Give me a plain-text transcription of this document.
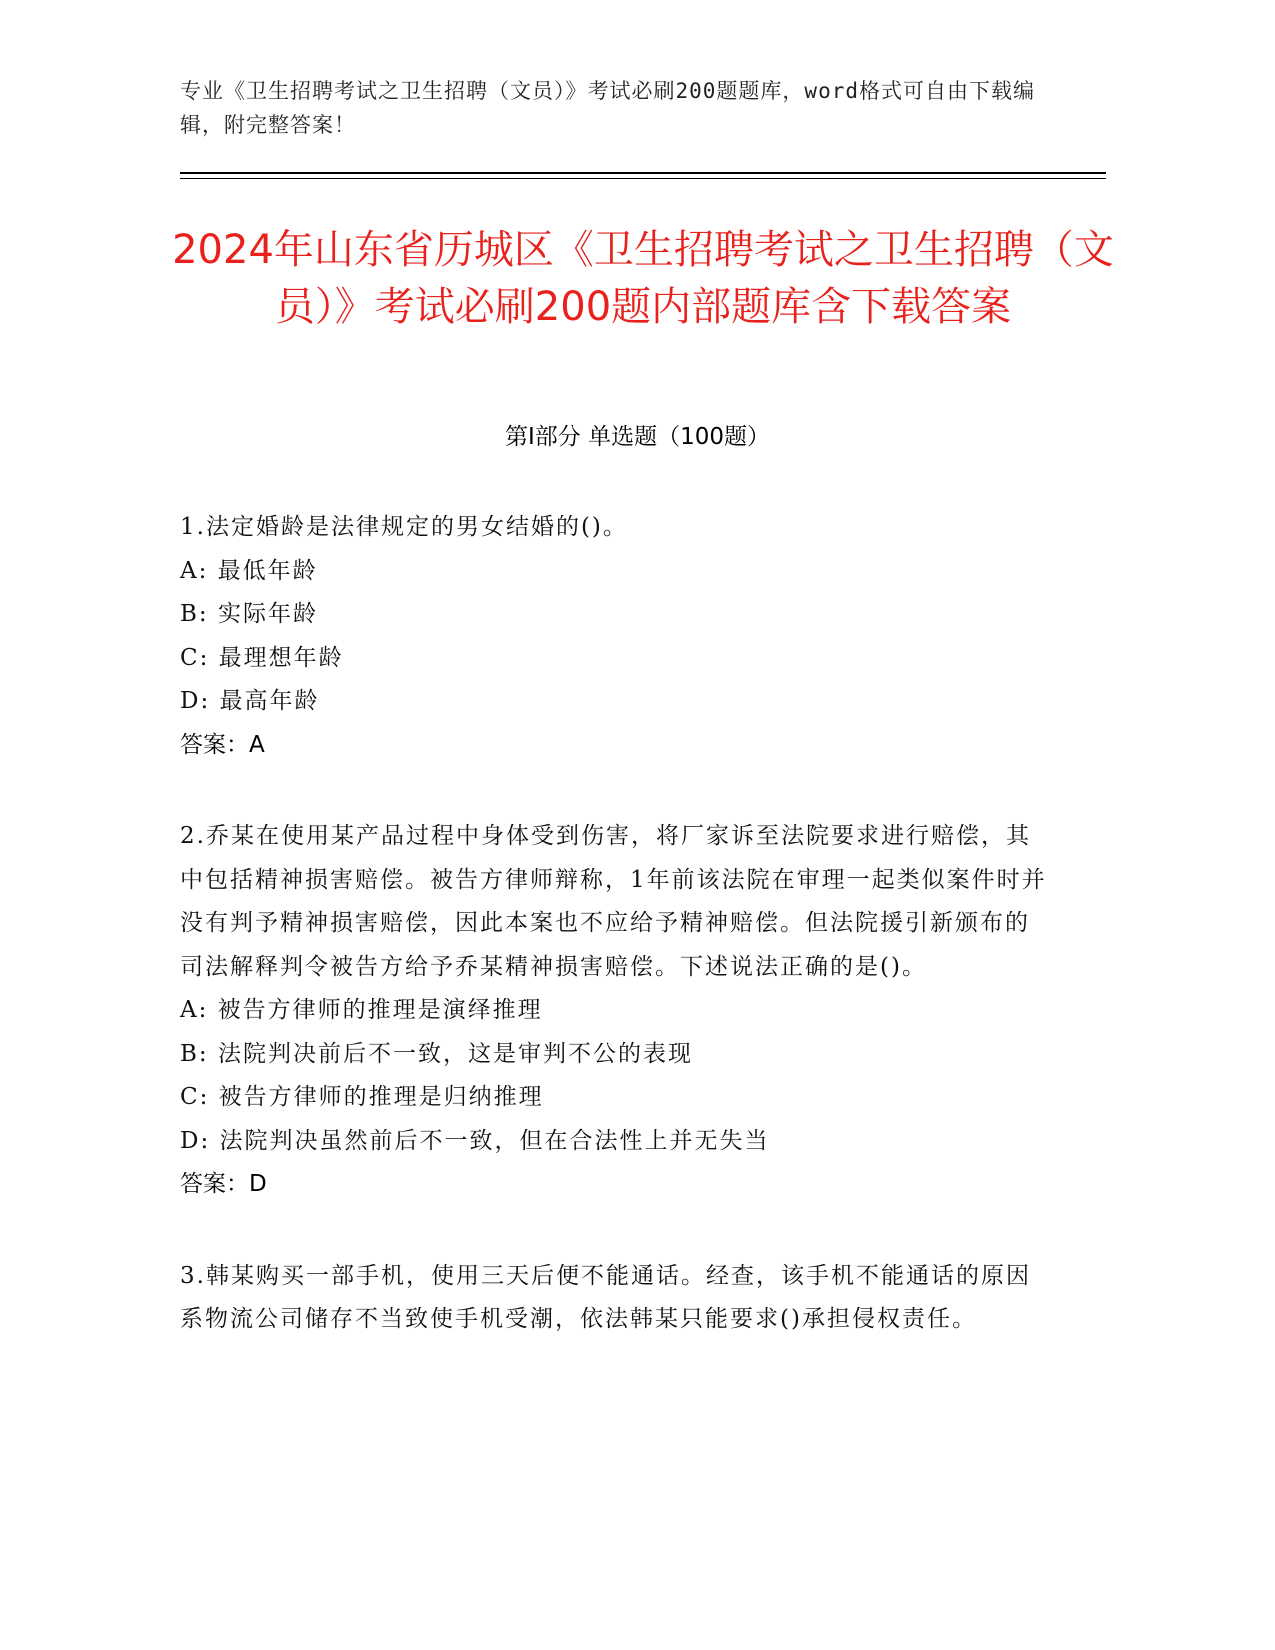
专业《卫生招聘考试之卫生招聘（文员）》考试必刷200题题库，word格式可自由下载编辑，附完整答案！
2024年山东省历城区《卫生招聘考试之卫生招聘（文员）》考试必刷200题内部题库含下载答案
第I部分 单选题（100题）

1.法定婚龄是法律规定的男女结婚的()。

A: 最低年龄

B: 实际年龄

C: 最理想年龄

D: 最高年龄

答案：A

2.乔某在使用某产品过程中身体受到伤害，将厂家诉至法院要求进行赔偿，其中包括精神损害赔偿。被告方律师辩称，1年前该法院在审理一起类似案件时并没有判予精神损害赔偿，因此本案也不应给予精神赔偿。但法院援引新颁布的司法解释判令被告方给予乔某精神损害赔偿。下述说法正确的是()。

A: 被告方律师的推理是演绎推理

B: 法院判决前后不一致，这是审判不公的表现

C: 被告方律师的推理是归纳推理

D: 法院判决虽然前后不一致，但在合法性上并无失当

答案：D

3.韩某购买一部手机，使用三天后便不能通话。经查，该手机不能通话的原因系物流公司储存不当致使手机受潮，依法韩某只能要求()承担侵权责任。
